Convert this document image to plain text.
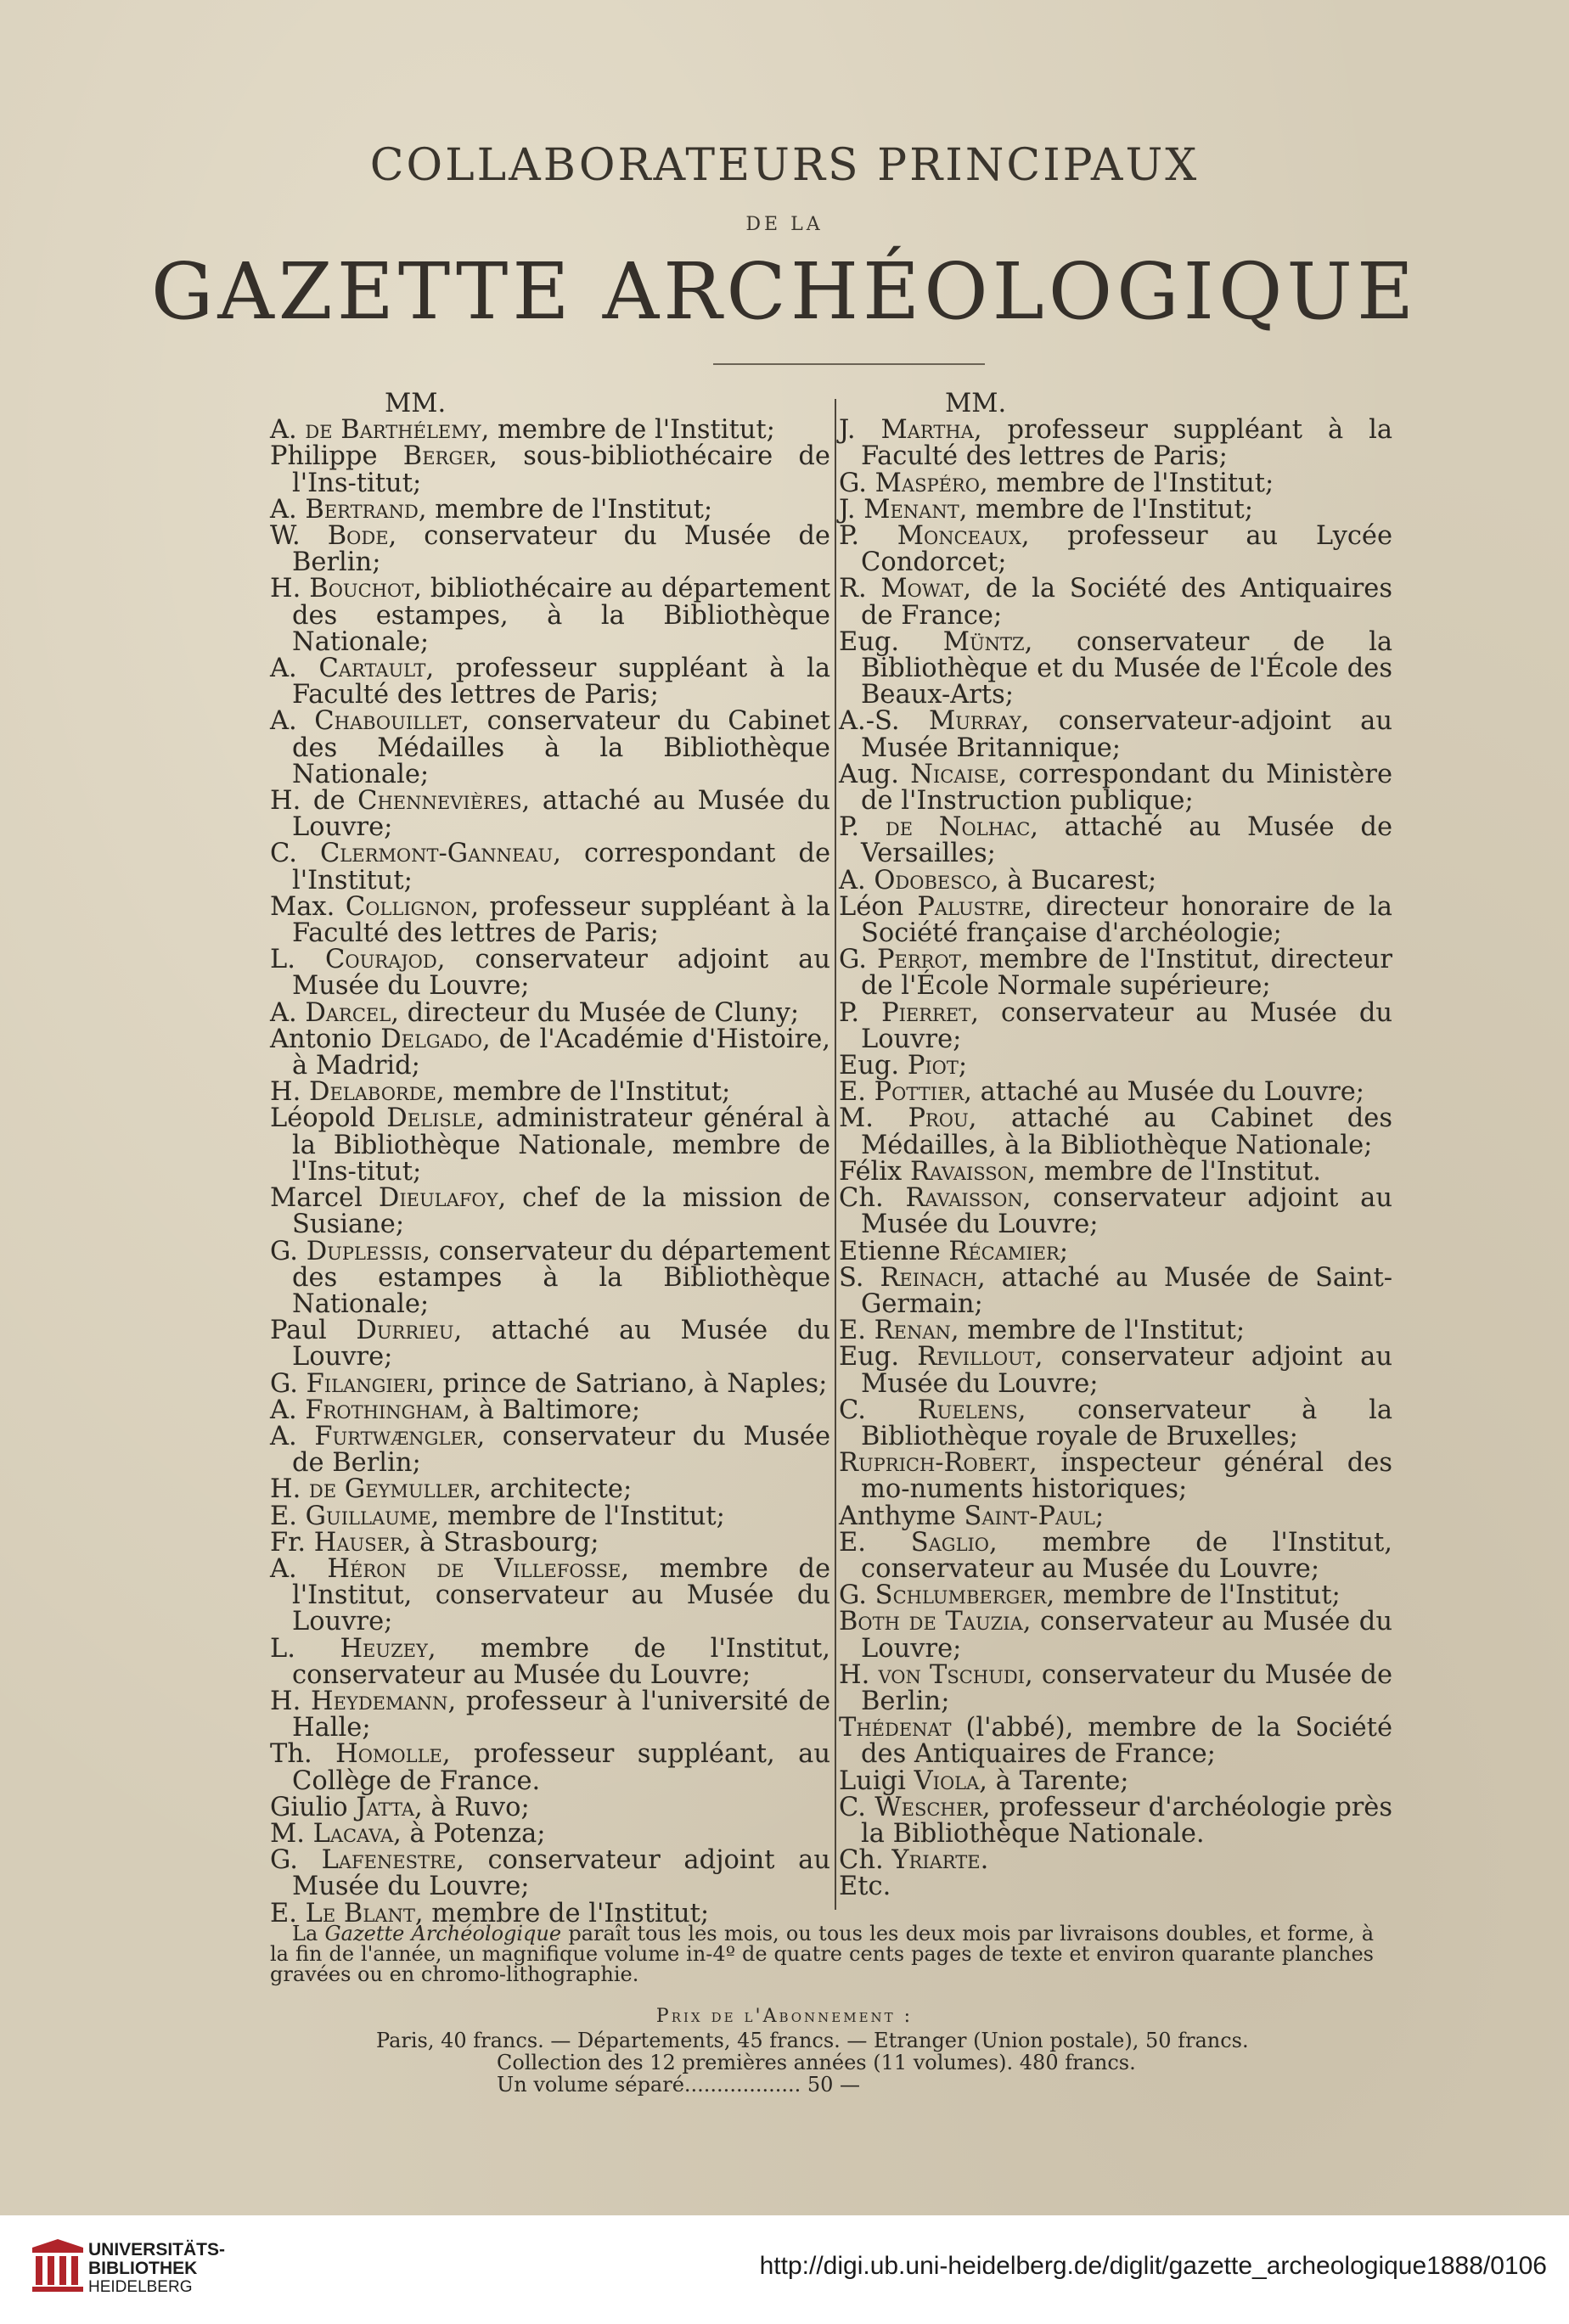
COLLABORATEURS PRINCIPAUX
DE LA
GAZETTE ARCHÉOLOGIQUE
MM.

A. de Barthélemy, membre de l'Institut;

Philippe Berger, sous-bibliothécaire de l'Ins-titut;

A. Bertrand, membre de l'Institut;

W. Bode, conservateur du Musée de Berlin;

H. Bouchot, bibliothécaire au département des estampes, à la Bibliothèque Nationale;

A. Cartault, professeur suppléant à la Faculté des lettres de Paris;

A. Chabouillet, conservateur du Cabinet des Médailles à la Bibliothèque Nationale;

H. de Chennevières, attaché au Musée du Louvre;

C. Clermont-Ganneau, correspondant de l'Institut;

Max. Collignon, professeur suppléant à la Faculté des lettres de Paris;

L. Courajod, conservateur adjoint au Musée du Louvre;

A. Darcel, directeur du Musée de Cluny;

Antonio Delgado, de l'Académie d'Histoire, à Madrid;

H. Delaborde, membre de l'Institut;

Léopold Delisle, administrateur général à la Bibliothèque Nationale, membre de l'Ins-titut;

Marcel Dieulafoy, chef de la mission de Susiane;

G. Duplessis, conservateur du département des estampes à la Bibliothèque Nationale;

Paul Durrieu, attaché au Musée du Louvre;

G. Filangieri, prince de Satriano, à Naples;

A. Frothingham, à Baltimore;

A. Furtwængler, conservateur du Musée de Berlin;

H. de Geymuller, architecte;

E. Guillaume, membre de l'Institut;

Fr. Hauser, à Strasbourg;

A. Héron de Villefosse, membre de l'Institut, conservateur au Musée du Louvre;

L. Heuzey, membre de l'Institut, conservateur au Musée du Louvre;

H. Heydemann, professeur à l'université de Halle;

Th. Homolle, professeur suppléant, au Collège de France.

Giulio Jatta, à Ruvo;

M. Lacava, à Potenza;

G. Lafenestre, conservateur adjoint au Musée du Louvre;

E. Le Blant, membre de l'Institut;

MM.

J. Martha, professeur suppléant à la Faculté des lettres de Paris;

G. Maspéro, membre de l'Institut;

J. Menant, membre de l'Institut;

P. Monceaux, professeur au Lycée Condorcet;

R. Mowat, de la Société des Antiquaires de France;

Eug. Müntz, conservateur de la Bibliothèque et du Musée de l'École des Beaux-Arts;

A.-S. Murray, conservateur-adjoint au Musée Britannique;

Aug. Nicaise, correspondant du Ministère de l'Instruction publique;

P. de Nolhac, attaché au Musée de Versailles;

A. Odobesco, à Bucarest;

Léon Palustre, directeur honoraire de la Société française d'archéologie;

G. Perrot, membre de l'Institut, directeur de l'École Normale supérieure;

P. Pierret, conservateur au Musée du Louvre;

Eug. Piot;

E. Pottier, attaché au Musée du Louvre;

M. Prou, attaché au Cabinet des Médailles, à la Bibliothèque Nationale;

Félix Ravaisson, membre de l'Institut.

Ch. Ravaisson, conservateur adjoint au Musée du Louvre;

Etienne Récamier;

S. Reinach, attaché au Musée de Saint-Germain;

E. Renan, membre de l'Institut;

Eug. Revillout, conservateur adjoint au Musée du Louvre;

C. Ruelens, conservateur à la Bibliothèque royale de Bruxelles;

Ruprich-Robert, inspecteur général des mo-numents historiques;

Anthyme Saint-Paul;

E. Saglio, membre de l'Institut, conservateur au Musée du Louvre;

G. Schlumberger, membre de l'Institut;

Both de Tauzia, conservateur au Musée du Louvre;

H. von Tschudi, conservateur du Musée de Berlin;

Thédenat (l'abbé), membre de la Société des Antiquaires de France;

Luigi Viola, à Tarente;

C. Wescher, professeur d'archéologie près la Bibliothèque Nationale.

Ch. Yriarte.

Etc.

La Gazette Archéologique paraît tous les mois, ou tous les deux mois par livraisons doubles, et forme, à la fin de l'année, un magnifique volume in-4º de quatre cents pages de texte et environ quarante planches gravées ou en chromo-lithographie.

Prix de l'Abonnement :
Paris, 40 francs. — Départements, 45 francs. — Etranger (Union postale), 50 francs.
Collection des 12 premières années (11 volumes). 480 francs.
Un volume séparé.................. 50 —
UNIVERSITÄTS-
BIBLIOTHEK
HEIDELBERG
http://digi.ub.uni-heidelberg.de/diglit/gazette_archeologique1888/0106
